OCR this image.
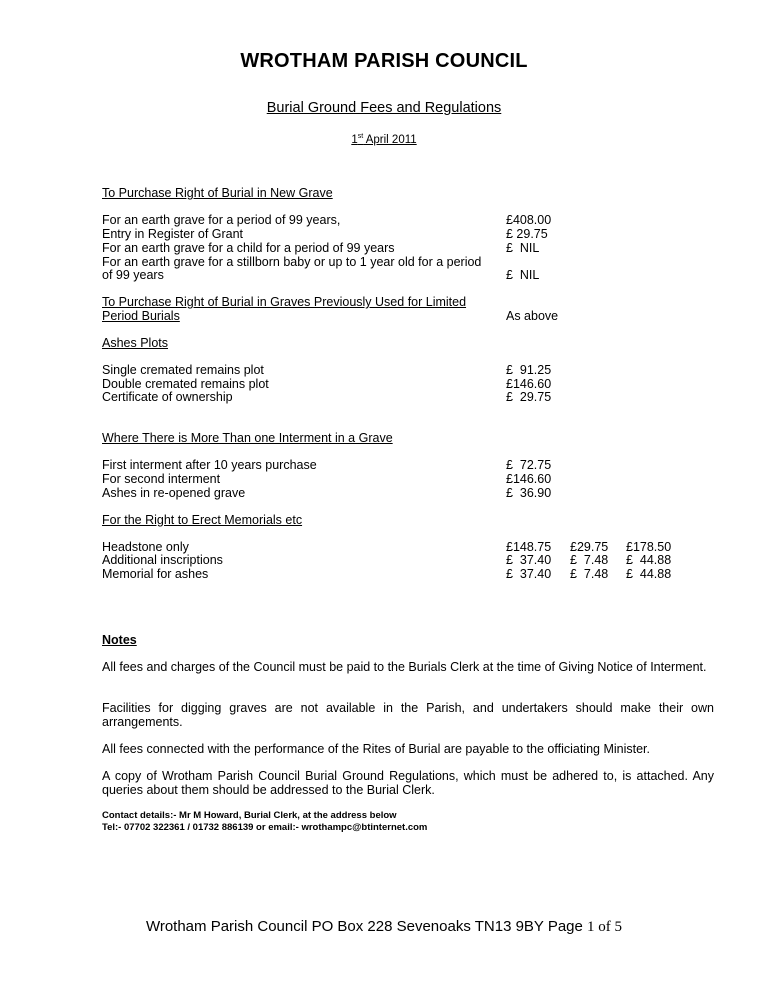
WROTHAM PARISH COUNCIL
Burial Ground Fees and Regulations
1st April 2011
To Purchase Right of Burial in New Grave
For an earth grave for a period of 99 years,	£408.00
Entry in Register of Grant	£ 29.75
For an earth grave for a child for a period of 99 years	£  NIL
For an earth grave for a stillborn baby or up to 1 year old for a period
of 99 years	£  NIL
To Purchase Right of Burial in Graves Previously Used for Limited
Period Burials	As above
Ashes Plots
Single cremated remains plot	£  91.25
Double cremated remains plot	£146.60
Certificate of ownership	£  29.75
Where There is More Than one Interment in a Grave
First interment after 10 years purchase	£  72.75
For second interment	£146.60
Ashes in re-opened grave	£  36.90
For the Right to Erect Memorials etc
Headstone only	£148.75 £29.75 £178.50
Additional inscriptions	£  37.40 £  7.48 £  44.88
Memorial for ashes	£  37.40 £  7.48 £  44.88
Notes
All fees and charges of the Council must be paid to the Burials Clerk at the time of Giving Notice of Interment.
Facilities for digging graves are not available in the Parish, and undertakers should make their own arrangements.
All fees connected with the performance of the Rites of Burial are payable to the officiating Minister.
A copy of Wrotham Parish Council Burial Ground Regulations, which must be adhered to, is attached. Any queries about them should be addressed to the Burial Clerk.
Contact details:- Mr M Howard, Burial Clerk, at the address below
Tel:- 07702 322361 / 01732 886139 or email:- wrothampc@btinternet.com
Wrotham Parish Council PO Box 228 Sevenoaks TN13 9BY Page 1 of 5
